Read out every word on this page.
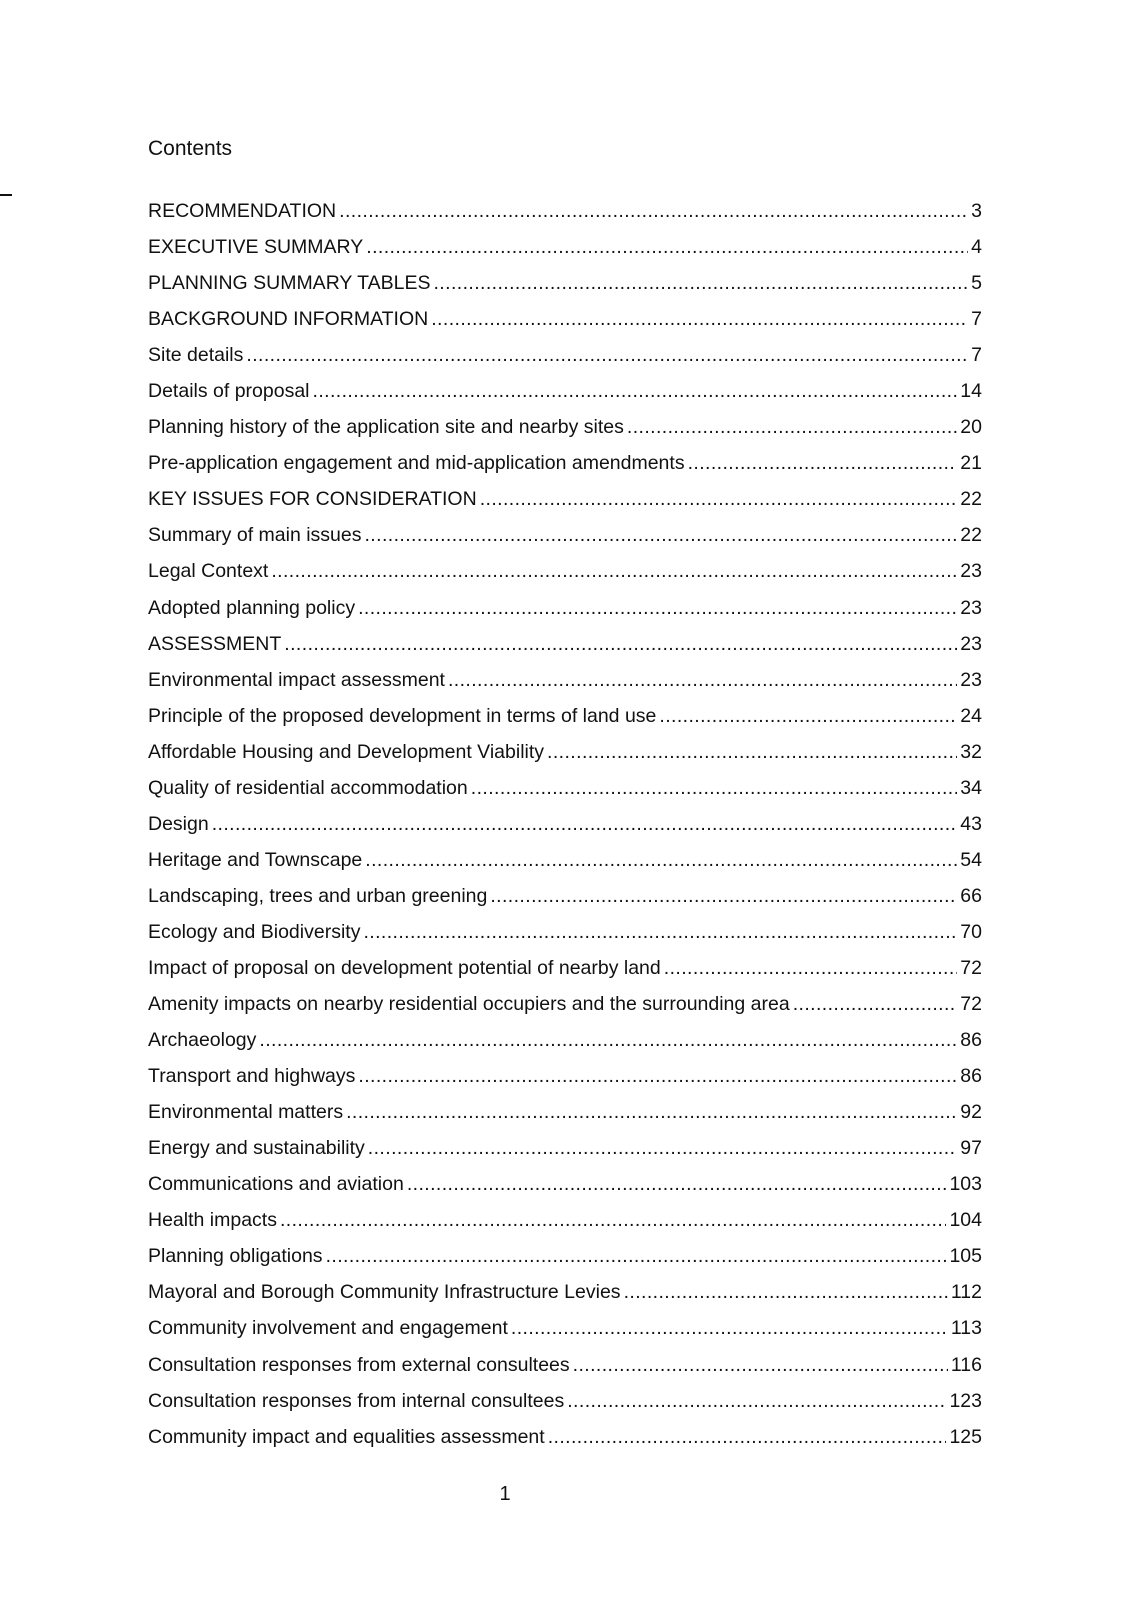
Contents
RECOMMENDATION .....	3
EXECUTIVE SUMMARY .....	4
PLANNING SUMMARY TABLES .....	5
BACKGROUND INFORMATION .....	7
Site details .....	7
Details of proposal .....	14
Planning history of the application site and nearby sites .....	20
Pre-application engagement and mid-application amendments .....	21
KEY ISSUES FOR CONSIDERATION .....	22
Summary of main issues .....	22
Legal Context .....	23
Adopted planning policy .....	23
ASSESSMENT .....	23
Environmental impact assessment .....	23
Principle of the proposed development in terms of land use .....	24
Affordable Housing and Development Viability .....	32
Quality of residential accommodation .....	34
Design .....	43
Heritage and Townscape .....	54
Landscaping, trees and urban greening .....	66
Ecology and Biodiversity .....	70
Impact of proposal on development potential of nearby land .....	72
Amenity impacts on nearby residential occupiers and the surrounding area .....	72
Archaeology .....	86
Transport and highways .....	86
Environmental matters .....	92
Energy and sustainability .....	97
Communications and aviation .....	103
Health impacts .....	104
Planning obligations .....	105
Mayoral and Borough Community Infrastructure Levies .....	112
Community involvement and engagement .....	113
Consultation responses from external consultees .....	116
Consultation responses from internal consultees .....	123
Community impact and equalities assessment .....	125
1
